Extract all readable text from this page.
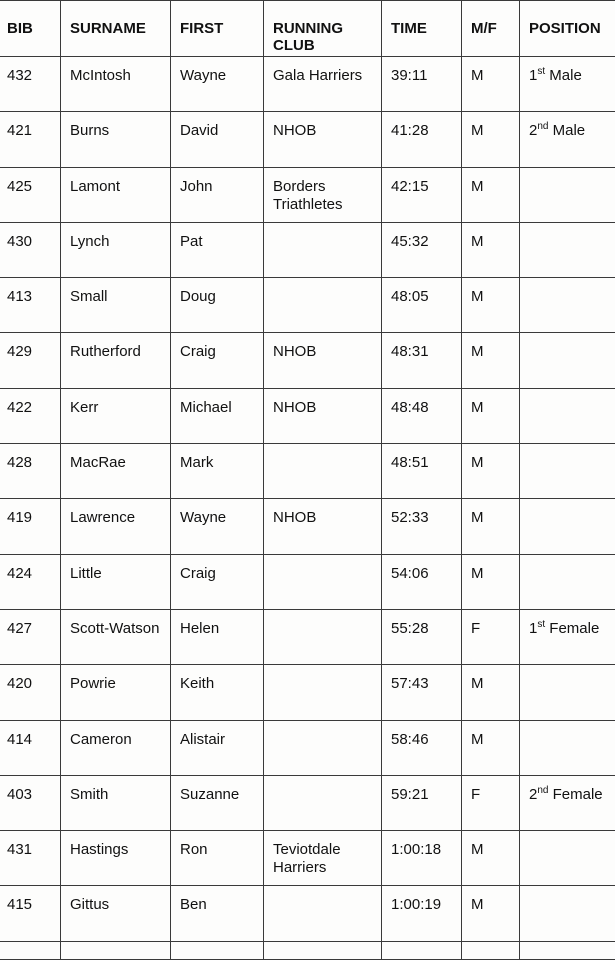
BIB	SURNAME	FIRST	RUNNING CLUB	TIME	M/F	POSITION
432	McIntosh	Wayne	Gala Harriers	39:11	M	1st Male
421	Burns	David	NHOB	41:28	M	2nd Male
425	Lamont	John	Borders Triathletes	42:15	M	
430	Lynch	Pat		45:32	M	
413	Small	Doug		48:05	M	
429	Rutherford	Craig	NHOB	48:31	M	
422	Kerr	Michael	NHOB	48:48	M	
428	MacRae	Mark		48:51	M	
419	Lawrence	Wayne	NHOB	52:33	M	
424	Little	Craig		54:06	M	
427	Scott-Watson	Helen		55:28	F	1st Female
420	Powrie	Keith		57:43	M	
414	Cameron	Alistair		58:46	M	
403	Smith	Suzanne		59:21	F	2nd Female
431	Hastings	Ron	Teviotdale Harriers	1:00:18	M	
415	Gittus	Ben		1:00:19	M	
